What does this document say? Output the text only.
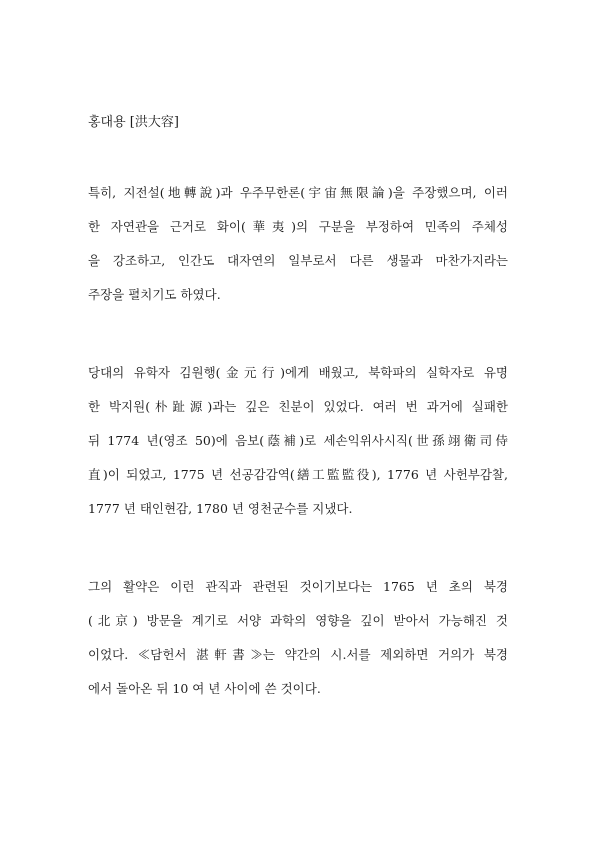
홍대용 [洪大容]
특히, 지전설(地轉說)과 우주무한론(宇宙無限論)을 주장했으며, 이러
한 자연관을 근거로 화이(華夷)의 구분을 부정하여 민족의 주체성
을 강조하고, 인간도 대자연의 일부로서 다른 생물과 마찬가지라는
주장을 펼치기도 하였다.
당대의 유학자 김원행(金元行)에게 배웠고, 북학파의 실학자로 유명
한 박지원(朴趾源)과는 깊은 친분이 있었다. 여러 번 과거에 실패한
뒤 1774 년(영조 50)에 음보(蔭補)로 세손익위사시직(世孫翊衛司侍
直)이 되었고, 1775 년 선공감감역(繕工監監役), 1776 년 사헌부감찰,
1777 년 태인현감, 1780 년 영천군수를 지냈다.
그의 활약은 이런 관직과 관련된 것이기보다는 1765 년 초의 북경
(北京) 방문을 계기로 서양 과학의 영향을 깊이 받아서 가능해진 것
이었다. ≪담헌서 湛軒書≫는 약간의 시.서를 제외하면 거의가 북경
에서 돌아온 뒤 10 여 년 사이에 쓴 것이다.
